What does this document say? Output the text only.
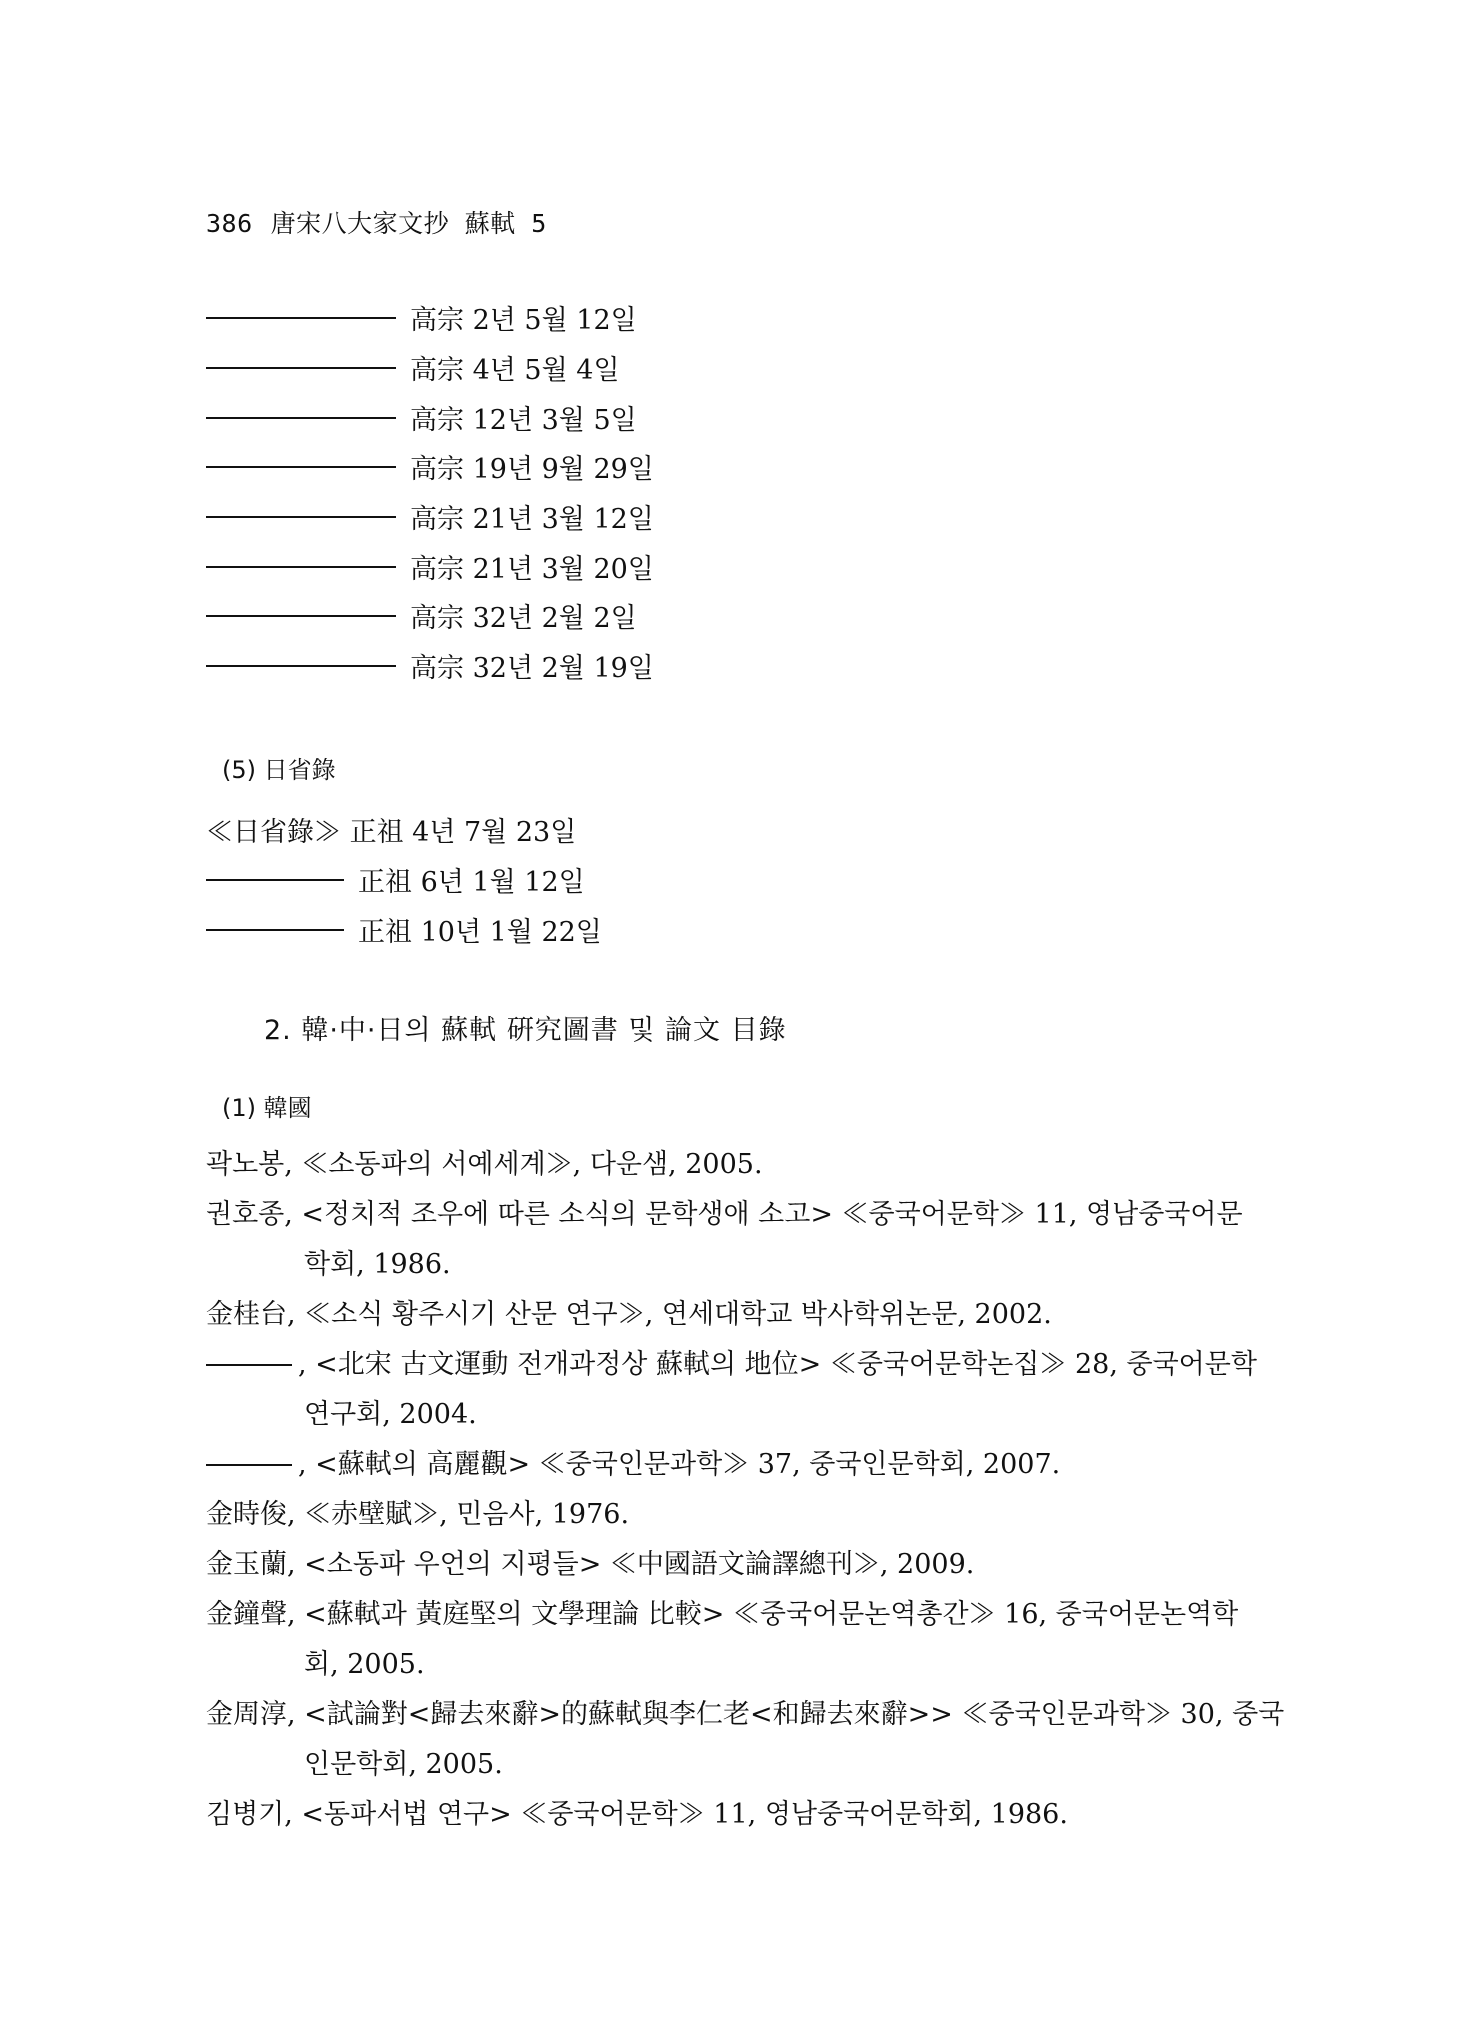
386 唐宋八大家文抄 蘇軾 5
高宗 2년 5월 12일
高宗 4년 5월 4일
高宗 12년 3월 5일
高宗 19년 9월 29일
高宗 21년 3월 12일
高宗 21년 3월 20일
高宗 32년 2월 2일
高宗 32년 2월 19일
(5) 日省錄
≪日省錄≫ 正祖 4년 7월 23일
正祖 6년 1월 12일
正祖 10년 1월 22일
2. 韓·中·日의 蘇軾 硏究圖書 및 論文 目錄
(1) 韓國
곽노봉, ≪소동파의 서예세계≫, 다운샘, 2005.
권호종, <정치적 조우에 따른 소식의 문학생애 소고> ≪중국어문학≫ 11, 영남중국어문
학회, 1986.
金桂台, ≪소식 황주시기 산문 연구≫, 연세대학교 박사학위논문, 2002.
, <北宋 古文運動 전개과정상 蘇軾의 地位> ≪중국어문학논집≫ 28, 중국어문학
연구회, 2004.
, <蘇軾의 高麗觀> ≪중국인문과학≫ 37, 중국인문학회, 2007.
金時俊, ≪赤壁賦≫, 민음사, 1976.
金玉蘭, <소동파 우언의 지평들> ≪中國語文論譯總刊≫, 2009.
金鐘聲, <蘇軾과 黃庭堅의 文學理論 比較> ≪중국어문논역총간≫ 16, 중국어문논역학
회, 2005.
金周淳, <試論對<歸去來辭>的蘇軾與李仁老<和歸去來辭>> ≪중국인문과학≫ 30, 중국
인문학회, 2005.
김병기, <동파서법 연구> ≪중국어문학≫ 11, 영남중국어문학회, 1986.
